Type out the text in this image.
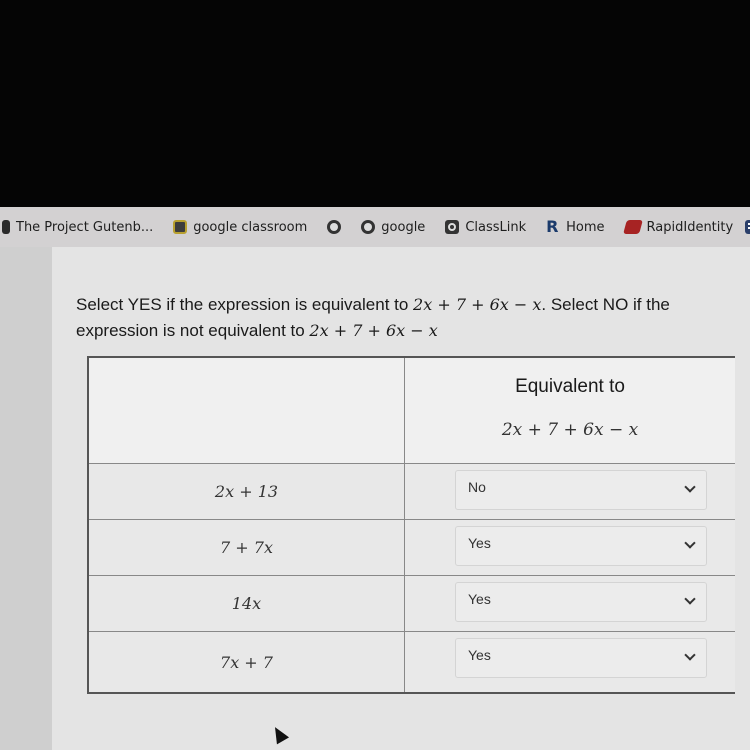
The Project Gutenb...	google classroom	google	ClassLink R Home	RapidIdentity
Select YES if the expression is equivalent to 2x + 7 + 6x − x. Select NO if the
expression is not equivalent to 2x + 7 + 6x − x
Equivalent to
2x + 7 + 6x − x
2x + 13	No
7 + 7x	Yes
14x	Yes
7x + 7	Yes
